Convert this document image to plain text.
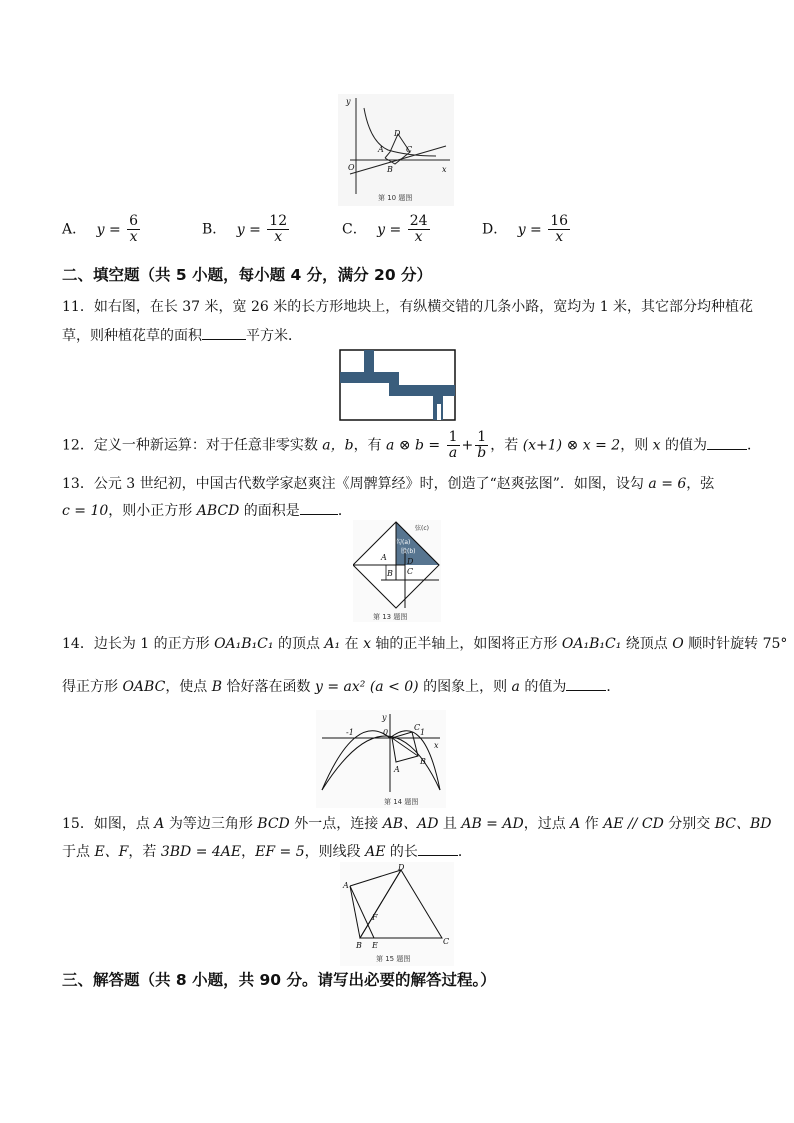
y
x
O
A
B
C
D
第 10 题图
A． $y = \frac{6}{x}$	B． $y = \frac{12}{x}$	C． $y = \frac{24}{x}$	D． $y = \frac{16}{x}$
二、填空题（共 5 小题，每小题 4 分，满分 20 分）
11．如右图，在长 37 米，宽 26 米的长方形地块上，有纵横交错的几条小路，宽均为 1 米，其它部分均种植花
草，则种植花草的面积	平方米．
12．定义一种新运算：对于任意非零实数 a，b，有 a ⊗ $b = \frac{1}{a} + \frac{1}{b}$ ，若 (x+1) ⊗ x = 2，则 x 的值为	．
13．公元 3 世纪初，中国古代数学家赵爽注《周髀算经》时，创造了“赵爽弦图”．如图，设勾 a = 6，弦
c = 10，则小正方形 ABCD 的面积是	．
弦(c)
勾(a)
股(b)
A
B C
D
第 13 题图
14．边长为 1 的正方形 OA₁B₁C₁ 的顶点 A₁ 在 x 轴的正半轴上，如图将正方形 OA₁B₁C₁ 绕顶点 O 顺时针旋转 75°
得正方形 OABC，使点 B 恰好落在函数 y = ax² (a < 0) 的图象上，则 a 的值为	．
y
x
-1	0	1
A
B
C
第 14 题图
15．如图，点 A 为等边三角形 BCD 外一点，连接 AB、AD 且 AB = AD，过点 A 作 AE // CD 分别交 BC、BD
于点 E、F，若 3BD = 4AE，EF = 5，则线段 AE 的长	．
A
B	C
D
E
F
第 15 题图
三、解答题（共 8 小题，共 90 分。请写出必要的解答过程。）
